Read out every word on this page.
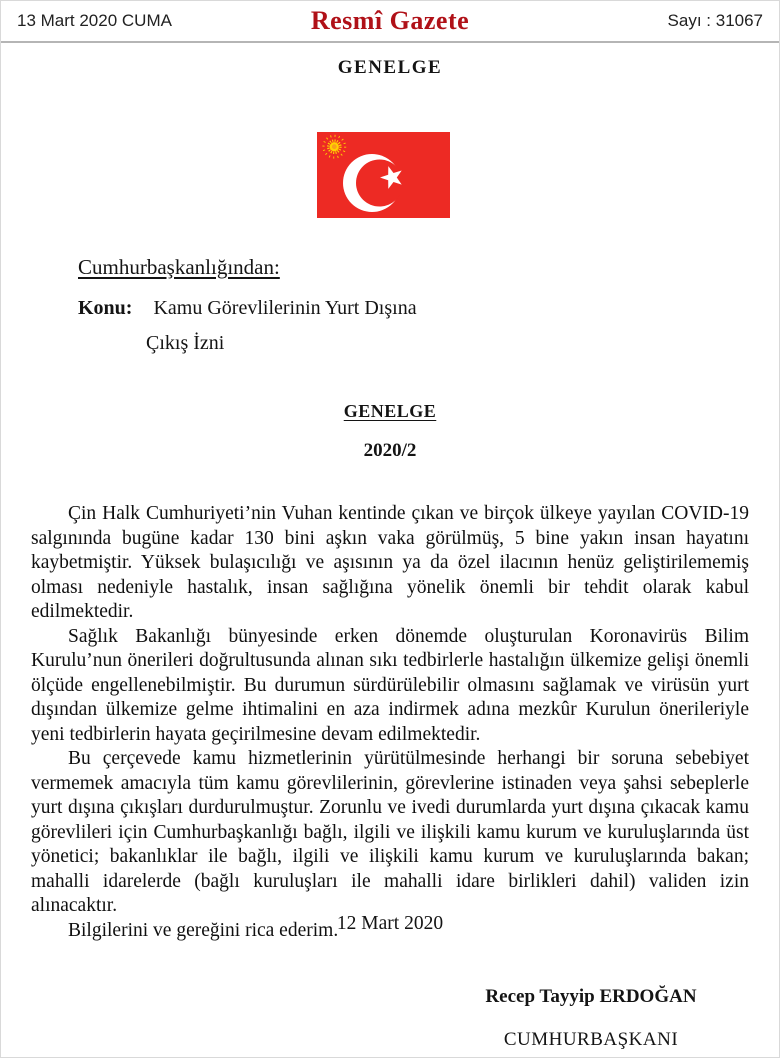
13 Mart 2020 CUMA	Resmî Gazete	Sayı : 31067
GENELGE
Cumhurbaşkanlığından:
Konu: Kamu Görevlilerinin Yurt Dışına
Çıkış İzni
GENELGE
2020/2

Çin Halk Cumhuriyeti’nin Vuhan kentinde çıkan ve birçok ülkeye yayılan COVID-19 salgınında bugüne kadar 130 bini aşkın vaka görülmüş, 5 bine yakın insan hayatını kaybetmiştir. Yüksek bulaşıcılığı ve aşısının ya da özel ilacının henüz geliştirilememiş olması nedeniyle hastalık, insan sağlığına yönelik önemli bir tehdit olarak kabul edilmektedir.

Sağlık Bakanlığı bünyesinde erken dönemde oluşturulan Koronavirüs Bilim Kurulu’nun önerileri doğrultusunda alınan sıkı tedbirlerle hastalığın ülkemize gelişi önemli ölçüde engellenebilmiştir. Bu durumun sürdürülebilir olmasını sağlamak ve virüsün yurt dışından ülkemize gelme ihtimalini en aza indirmek adına mezkûr Kurulun önerileriyle yeni tedbirlerin hayata geçirilmesine devam edilmektedir.

Bu çerçevede kamu hizmetlerinin yürütülmesinde herhangi bir soruna sebebiyet vermemek amacıyla tüm kamu görevlilerinin, görevlerine istinaden veya şahsi sebeplerle yurt dışına çıkışları durdurulmuştur. Zorunlu ve ivedi durumlarda yurt dışına çıkacak kamu görevlileri için Cumhurbaşkanlığı bağlı, ilgili ve ilişkili kamu kurum ve kuruluşlarında üst yönetici; bakanlıklar ile bağlı, ilgili ve ilişkili kamu kurum ve kuruluşlarında bakan; mahalli idarelerde (bağlı kuruluşları ile mahalli idare birlikleri dahil) validen izin alınacaktır.

Bilgilerini ve gereğini rica ederim.

12 Mart 2020

Recep Tayyip ERDOĞAN

CUMHURBAŞKANI
